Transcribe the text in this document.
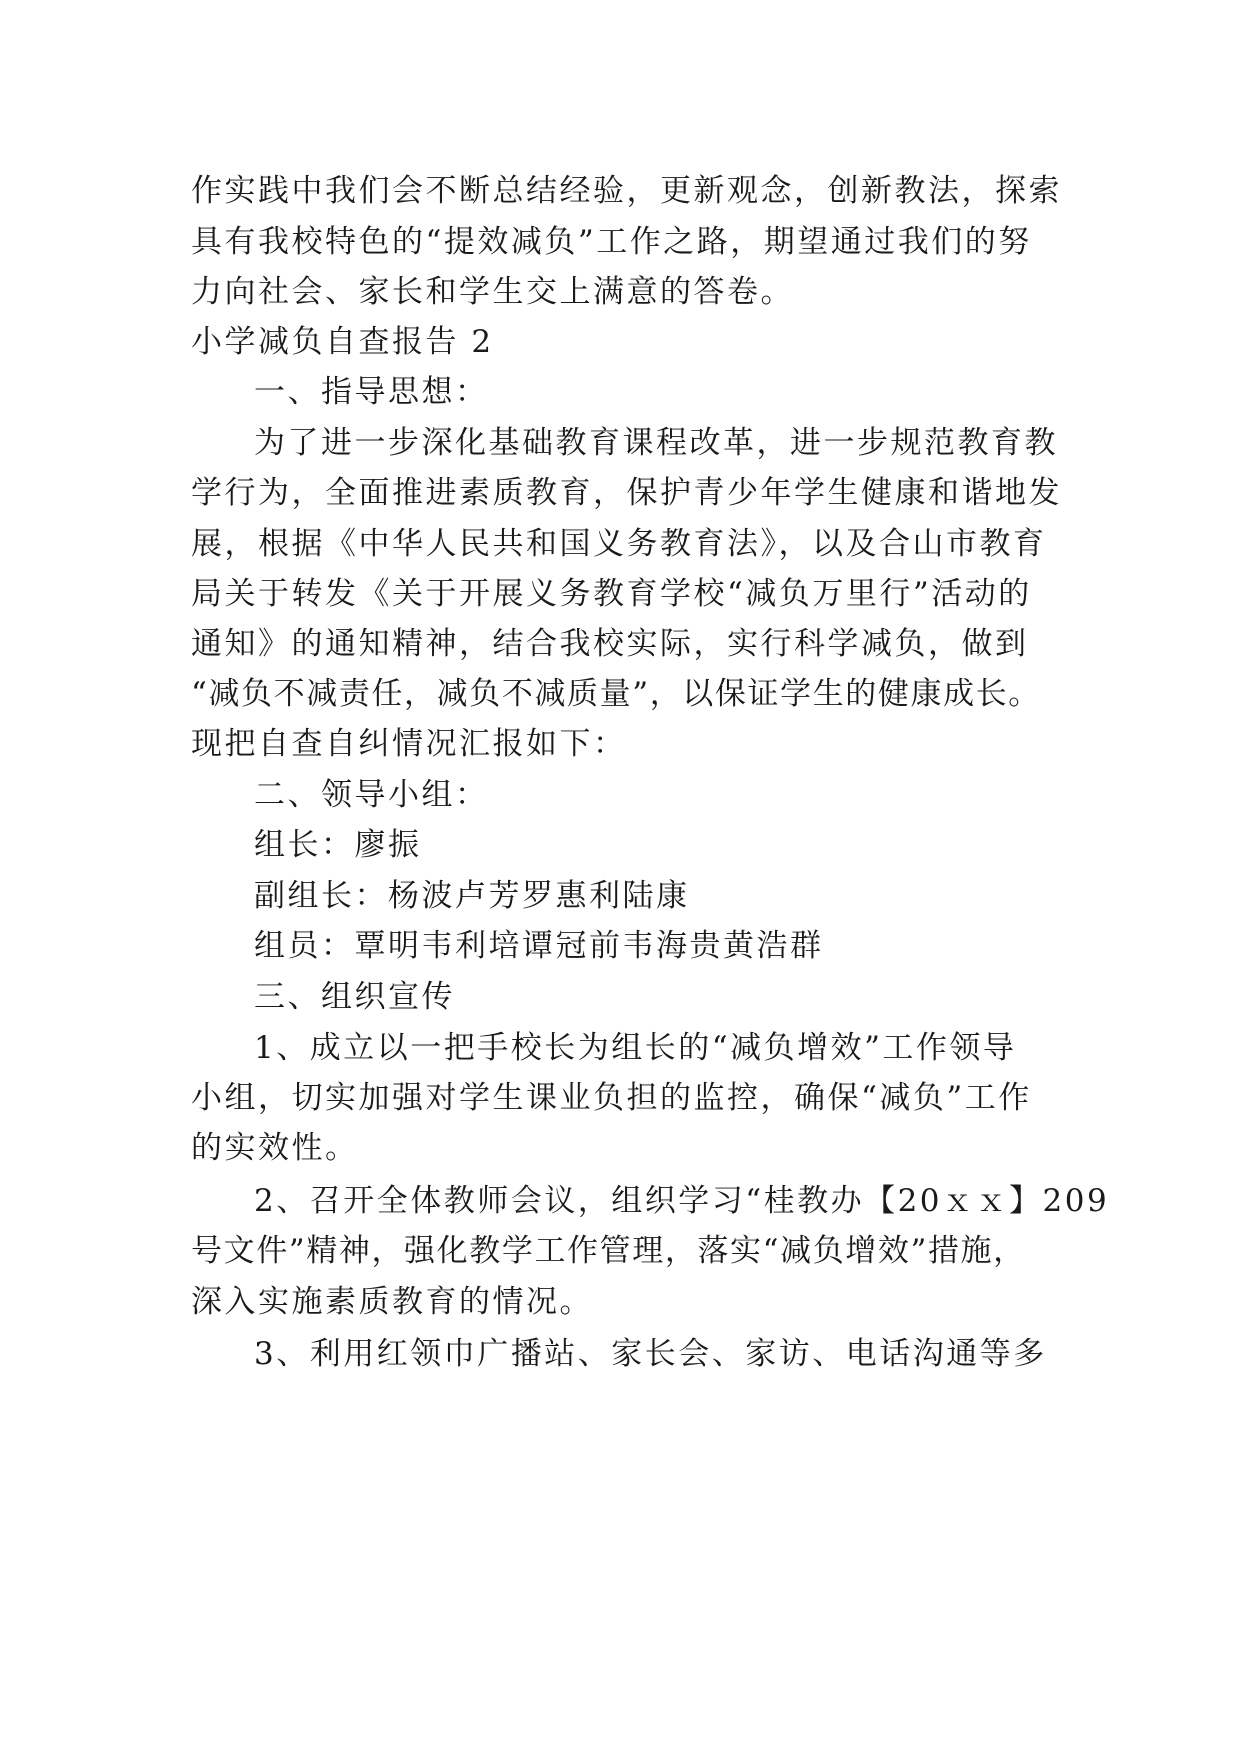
作实践中我们会不断总结经验，更新观念，创新教法，探索
具有我校特色的“提效减负”工作之路，期望通过我们的努
力向社会、家长和学生交上满意的答卷。
小学减负自查报告 2
一、指导思想：
为了进一步深化基础教育课程改革，进一步规范教育教
学行为，全面推进素质教育，保护青少年学生健康和谐地发
展，根据《中华人民共和国义务教育法》，以及合山市教育
局关于转发《关于开展义务教育学校“减负万里行”活动的
通知》的通知精神，结合我校实际，实行科学减负，做到
“减负不减责任，减负不减质量”，以保证学生的健康成长。
现把自查自纠情况汇报如下：
二、领导小组：
组长：廖振
副组长：杨波卢芳罗惠利陆康
组员：覃明韦利培谭冠前韦海贵黄浩群
三、组织宣传
1、成立以一把手校长为组长的“减负增效”工作领导
小组，切实加强对学生课业负担的监控，确保“减负”工作
的实效性。
2、召开全体教师会议，组织学习“桂教办【20ｘｘ】209
号文件”精神，强化教学工作管理，落实“减负增效”措施，
深入实施素质教育的情况。
3、利用红领巾广播站、家长会、家访、电话沟通等多
